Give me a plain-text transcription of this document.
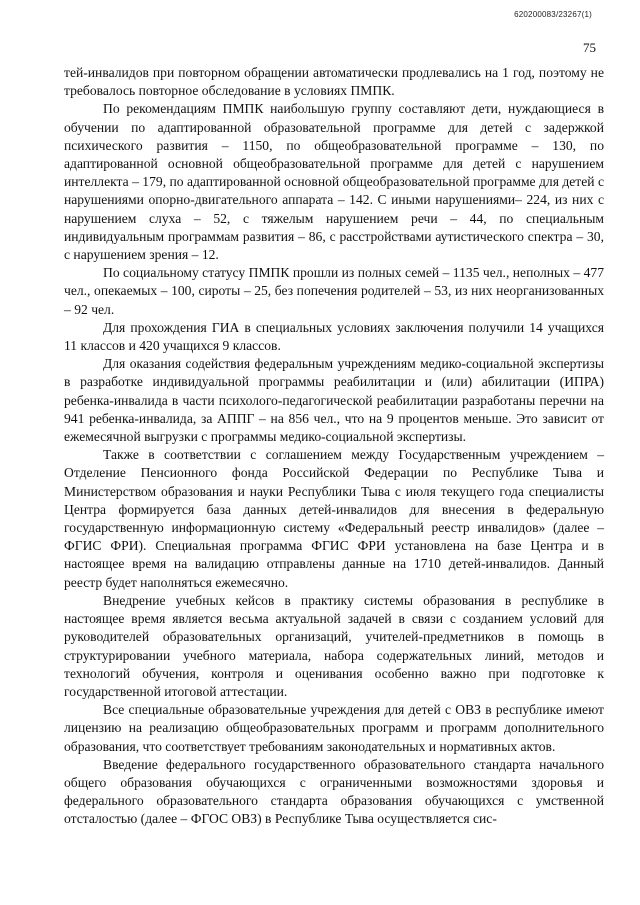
620200083/23267(1)
75

тей-инвалидов при повторном обращении автоматически продлевались на 1 год, поэтому не требовалось повторное обследование в условиях ПМПК.

По рекомендациям ПМПК наибольшую группу составляют дети, нуждающиеся в обучении по адаптированной образовательной программе для детей с задержкой психического развития – 1150, по общеобразовательной программе – 130, по адаптированной основной общеобразовательной программе для детей с нарушением интеллекта – 179, по адаптированной основной общеобразовательной программе для детей с нарушениями опорно-двигательного аппарата – 142. С иными нарушениями– 224, из них с нарушением слуха – 52, с тяжелым нарушением речи – 44, по специальным индивидуальным программам развития – 86, с расстройствами аутистического спектра – 30, с нарушением зрения – 12.

По социальному статусу ПМПК прошли из полных семей – 1135 чел., неполных – 477 чел., опекаемых – 100, сироты – 25, без попечения родителей – 53, из них неорганизованных – 92 чел.

Для прохождения ГИА в специальных условиях заключения получили 14 учащихся 11 классов и 420 учащихся 9 классов.

Для оказания содействия федеральным учреждениям медико-социальной экспертизы в разработке индивидуальной программы реабилитации и (или) абилитации (ИПРА) ребенка-инвалида в части психолого-педагогической реабилитации разработаны перечни на 941 ребенка-инвалида, за АППГ – на 856 чел., что на 9 процентов меньше. Это зависит от ежемесячной выгрузки с программы медико-социальной экспертизы.

Также в соответствии с соглашением между Государственным учреждением – Отделение Пенсионного фонда Российской Федерации по Республике Тыва и Министерством образования и науки Республики Тыва с июля текущего года специалисты Центра формируется база данных детей-инвалидов для внесения в федеральную государственную информационную систему «Федеральный реестр инвалидов» (далее – ФГИС ФРИ). Специальная программа ФГИС ФРИ установлена на базе Центра и в настоящее время на валидацию отправлены данные на 1710 детей-инвалидов. Данный реестр будет наполняться ежемесячно.

Внедрение учебных кейсов в практику системы образования в республике в настоящее время является весьма актуальной задачей в связи с созданием условий для руководителей образовательных организаций, учителей-предметников в помощь в структурировании учебного материала, набора содержательных линий, методов и технологий обучения, контроля и оценивания особенно важно при подготовке к государственной итоговой аттестации.

Все специальные образовательные учреждения для детей с ОВЗ в республике имеют лицензию на реализацию общеобразовательных программ и программ дополнительного образования, что соответствует требованиям законодательных и нормативных актов.

Введение федерального государственного образовательного стандарта начального общего образования обучающихся с ограниченными возможностями здоровья и федерального образовательного стандарта образования обучающихся с умственной отсталостью (далее – ФГОС ОВЗ) в Республике Тыва осуществляется сис-
